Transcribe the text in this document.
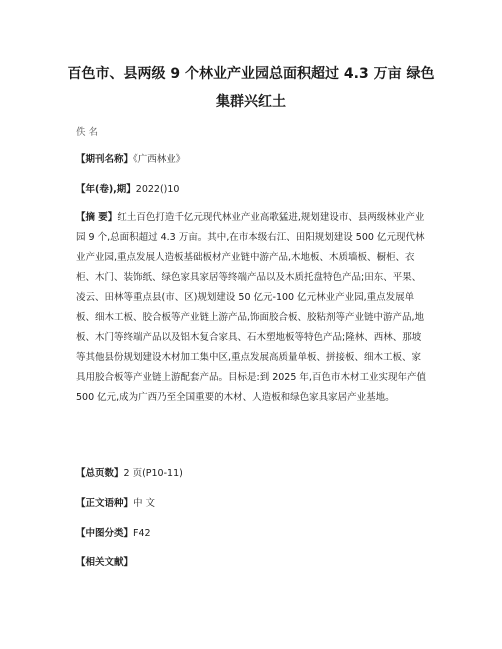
百色市、县两级 9 个林业产业园总面积超过 4.3 万亩 绿色集群兴红土
佚 名
【期刊名称】《广西林业》
【年(卷),期】2022()10
【摘 要】红土百色打造千亿元现代林业产业高歌猛进,规划建设市、县两级林业产业园 9 个,总面积超过 4.3 万亩。其中,在市本级右江、田阳规划建设 500 亿元现代林业产业园,重点发展人造板基础板材产业链中游产品,木地板、木质墙板、橱柜、衣柜、木门、装饰纸、绿色家具家居等终端产品以及木质托盘特色产品;田东、平果、凌云、田林等重点县(市、区)规划建设 50 亿元-100 亿元林业产业园,重点发展单板、细木工板、胶合板等产业链上游产品,饰面胶合板、胶粘剂等产业链中游产品,地板、木门等终端产品以及铝木复合家具、石木塑地板等特色产品;隆林、西林、那坡等其他县份规划建设木材加工集中区,重点发展高质量单板、拼接板、细木工板、家具用胶合板等产业链上游配套产品。目标是:到 2025 年,百色市木材工业实现年产值 500 亿元,成为广西乃至全国重要的木材、人造板和绿色家具家居产业基地。
【总页数】2 页(P10-11)
【正文语种】中 文
【中图分类】F42
【相关文献】
